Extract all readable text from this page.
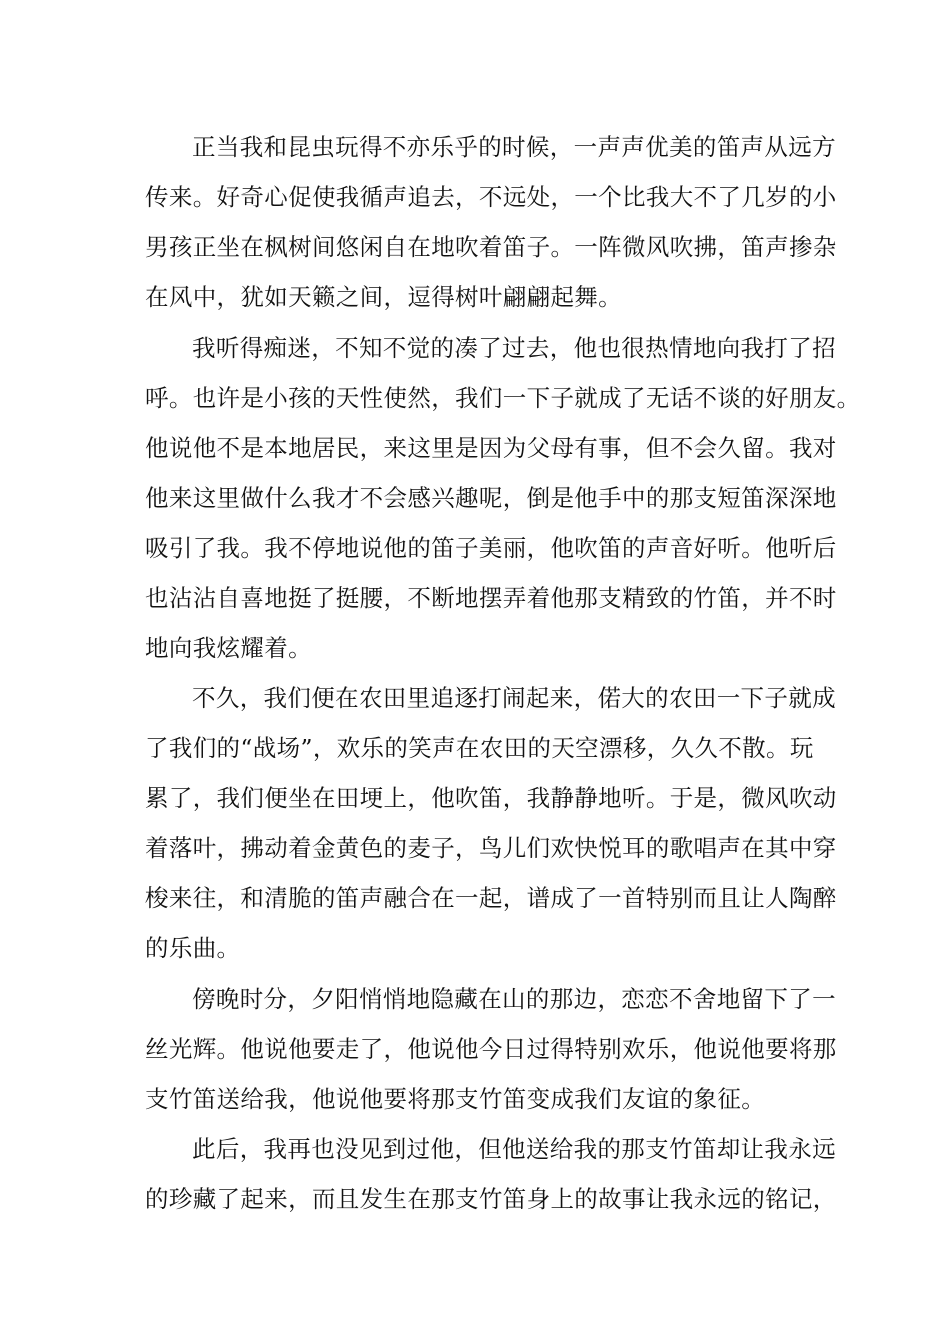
正当我和昆虫玩得不亦乐乎的时候，一声声优美的笛声从远方
传来。好奇心促使我循声追去，不远处，一个比我大不了几岁的小
男孩正坐在枫树间悠闲自在地吹着笛子。一阵微风吹拂，笛声掺杂
在风中，犹如天籁之间，逗得树叶翩翩起舞。
我听得痴迷，不知不觉的凑了过去，他也很热情地向我打了招
呼。也许是小孩的天性使然，我们一下子就成了无话不谈的好朋友。
他说他不是本地居民，来这里是因为父母有事，但不会久留。我对
他来这里做什么我才不会感兴趣呢，倒是他手中的那支短笛深深地
吸引了我。我不停地说他的笛子美丽，他吹笛的声音好听。他听后
也沾沾自喜地挺了挺腰，不断地摆弄着他那支精致的竹笛，并不时
地向我炫耀着。
不久，我们便在农田里追逐打闹起来，偌大的农田一下子就成
了我们的“战场”，欢乐的笑声在农田的天空漂移，久久不散。玩
累了，我们便坐在田埂上，他吹笛，我静静地听。于是，微风吹动
着落叶，拂动着金黄色的麦子，鸟儿们欢快悦耳的歌唱声在其中穿
梭来往，和清脆的笛声融合在一起，谱成了一首特别而且让人陶醉
的乐曲。
傍晚时分，夕阳悄悄地隐藏在山的那边，恋恋不舍地留下了一
丝光辉。他说他要走了，他说他今日过得特别欢乐，他说他要将那
支竹笛送给我，他说他要将那支竹笛变成我们友谊的象征。
此后，我再也没见到过他，但他送给我的那支竹笛却让我永远
的珍藏了起来，而且发生在那支竹笛身上的故事让我永远的铭记，
